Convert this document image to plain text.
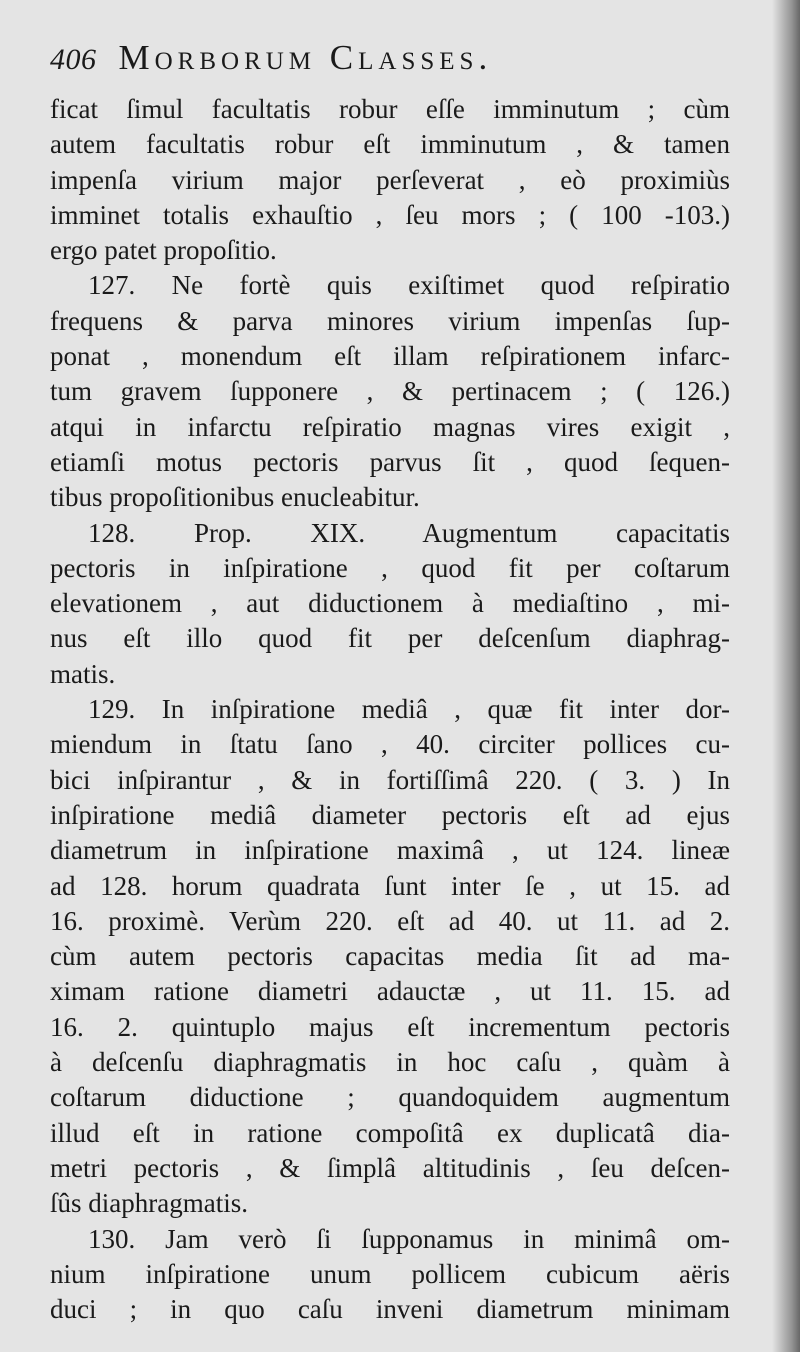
406 Morborum Classes.
ficat ſimul facultatis robur eſſe imminutum ; cùm
autem facultatis robur eſt imminutum , & tamen
impenſa virium major perſeverat , eò proximiùs
imminet totalis exhauſtio , ſeu mors ; ( 100 -103.)
ergo patet propoſitio.
127. Ne fortè quis exiſtimet quod reſpiratio
frequens & parva minores virium impenſas ſup-
ponat , monendum eſt illam reſpirationem infarc-
tum gravem ſupponere , & pertinacem ; ( 126.)
atqui in infarctu reſpiratio magnas vires exigit ,
etiamſi motus pectoris parvus ſit , quod ſequen-
tibus propoſitionibus enucleabitur.
128. Prop. XIX. Augmentum capacitatis
pectoris in inſpiratione , quod fit per coſtarum
elevationem , aut diductionem à mediaſtino , mi-
nus eſt illo quod fit per deſcenſum diaphrag-
matis.
129. In inſpiratione mediâ , quæ fit inter dor-
miendum in ſtatu ſano , 40. circiter pollices cu-
bici inſpirantur , & in fortiſſimâ 220. ( 3. ) In
inſpiratione mediâ diameter pectoris eſt ad ejus
diametrum in inſpiratione maximâ , ut 124. lineæ
ad 128. horum quadrata ſunt inter ſe , ut 15. ad
16. proximè. Verùm 220. eſt ad 40. ut 11. ad 2.
cùm autem pectoris capacitas media ſit ad ma-
ximam ratione diametri adauctæ , ut 11. 15. ad
16. 2. quintuplo majus eſt incrementum pectoris
à deſcenſu diaphragmatis in hoc caſu , quàm à
coſtarum diductione ; quandoquidem augmentum
illud eſt in ratione compoſitâ ex duplicatâ dia-
metri pectoris , & ſimplâ altitudinis , ſeu deſcen-
ſûs diaphragmatis.
130. Jam verò ſi ſupponamus in minimâ om-
nium inſpiratione unum pollicem cubicum aëris
duci ; in quo caſu inveni diametrum minimam
